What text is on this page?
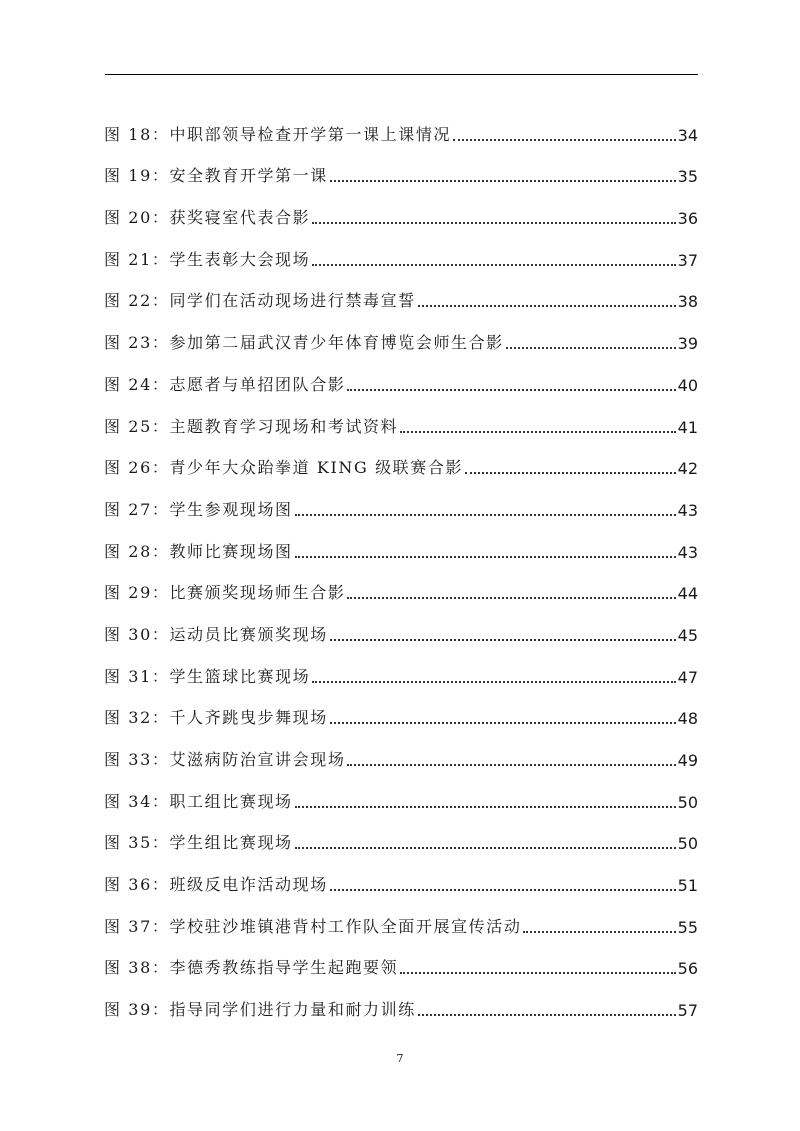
图 18：中职部领导检查开学第一课上课情况	34
图 19：安全教育开学第一课	35
图 20：获奖寝室代表合影	36
图 21：学生表彰大会现场	37
图 22：同学们在活动现场进行禁毒宣誓	38
图 23：参加第二届武汉青少年体育博览会师生合影	39
图 24：志愿者与单招团队合影	40
图 25：主题教育学习现场和考试资料	41
图 26：青少年大众跆拳道 KING 级联赛合影	42
图 27：学生参观现场图	43
图 28：教师比赛现场图	43
图 29：比赛颁奖现场师生合影	44
图 30：运动员比赛颁奖现场	45
图 31：学生篮球比赛现场	47
图 32：千人齐跳曳步舞现场	48
图 33：艾滋病防治宣讲会现场	49
图 34：职工组比赛现场	50
图 35：学生组比赛现场	50
图 36：班级反电诈活动现场	51
图 37：学校驻沙堆镇港背村工作队全面开展宣传活动	55
图 38：李德秀教练指导学生起跑要领	56
图 39：指导同学们进行力量和耐力训练	57
7
